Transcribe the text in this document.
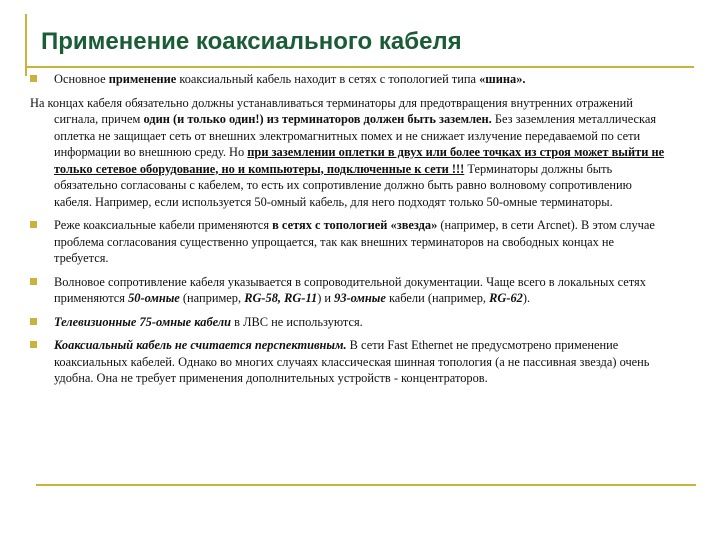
Применение коаксиального кабеля

Основное применение коаксиальный кабель находит в сетях с топологией типа «шина».

На концах кабеля обязательно должны устанавливаться терминаторы для предотвращения внутренних отражений сигнала, причем один (и только один!) из терминаторов должен быть заземлен. Без заземления металлическая оплетка не защищает сеть от внешних электромагнитных помех и не снижает излучение передаваемой по сети информации во внешнюю среду. Но при заземлении оплетки в двух или более точках из строя может выйти не только сетевое оборудование, но и компьютеры, подключенные к сети !!! Терминаторы должны быть обязательно согласованы с кабелем, то есть их сопротивление должно быть равно волновому сопротивлению кабеля. Например, если используется 50-омный кабель, для него подходят только 50-омные терминаторы.

Реже коаксиальные кабели применяются в сетях с топологией «звезда» (например, в сети Arcnet). В этом случае проблема согласования существенно упрощается, так как внешних терминаторов на свободных концах не требуется.

Волновое сопротивление кабеля указывается в сопроводительной документации. Чаще всего в локальных сетях применяются 50-омные (например, RG-58, RG-11) и 93-омные кабели (например, RG-62).

Телевизионные 75-омные кабели в ЛВС не используются.

Коаксиальный кабель не считается перспективным. В сети Fast Ethernet не предусмотрено применение коаксиальных кабелей. Однако во многих случаях классическая шинная топология (а не пассивная звезда) очень удобна. Она не требует применения дополнительных устройств - концентраторов.
